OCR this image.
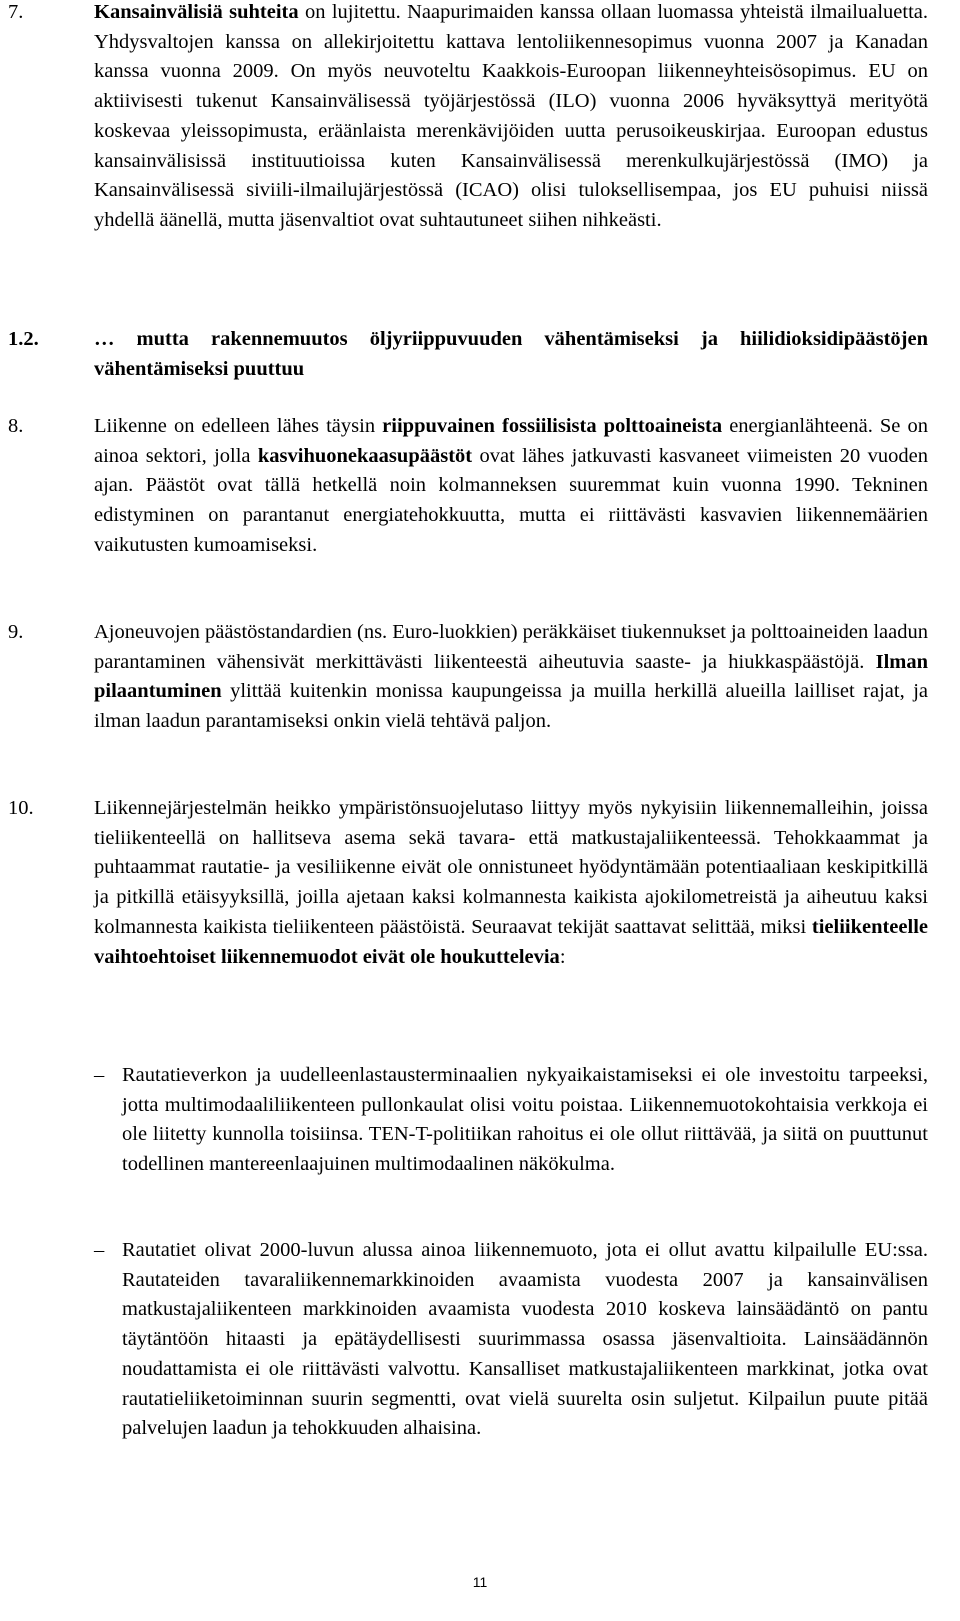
7.	Kansainvälisiä suhteita on lujitettu. Naapurimaiden kanssa ollaan luomassa yhteistä ilmailualuetta. Yhdysvaltojen kanssa on allekirjoitettu kattava lentoliikennesopimus vuonna 2007 ja Kanadan kanssa vuonna 2009. On myös neuvoteltu Kaakkois-Euroopan liikenneyhteisösopimus. EU on aktiivisesti tukenut Kansainvälisessä työjärjestössä (ILO) vuonna 2006 hyväksyttyä merityötä koskevaa yleissopimusta, eräänlaista merenkävijöiden uutta perusoikeuskirjaa. Euroopan edustus kansainvälisissä instituutioissa kuten Kansainvälisessä merenkulkujärjestössä (IMO) ja Kansainvälisessä siviili-ilmailujärjestössä (ICAO) olisi tuloksellisempaa, jos EU puhuisi niissä yhdellä äänellä, mutta jäsenvaltiot ovat suhtautuneet siihen nihkeästi.
1.2.	… mutta rakennemuutos öljyriippuvuuden vähentämiseksi ja hiilidioksidipäästöjen vähentämiseksi puuttuu
8.	Liikenne on edelleen lähes täysin riippuvainen fossiilisista polttoaineista energianlähteenä. Se on ainoa sektori, jolla kasvihuonekaasupäästöt ovat lähes jatkuvasti kasvaneet viimeisten 20 vuoden ajan. Päästöt ovat tällä hetkellä noin kolmanneksen suuremmat kuin vuonna 1990. Tekninen edistyminen on parantanut energiatehokkuutta, mutta ei riittävästi kasvavien liikennemäärien vaikutusten kumoamiseksi.
9.	Ajoneuvojen päästöstandardien (ns. Euro-luokkien) peräkkäiset tiukennukset ja polttoaineiden laadun parantaminen vähensivät merkittävästi liikenteestä aiheutuvia saaste- ja hiukkaspäästöjä. Ilman pilaantuminen ylittää kuitenkin monissa kaupungeissa ja muilla herkillä alueilla lailliset rajat, ja ilman laadun parantamiseksi onkin vielä tehtävä paljon.
10.	Liikennejärjestelmän heikko ympäristönsuojelutaso liittyy myös nykyisiin liikennemalleihin, joissa tieliikenteellä on hallitseva asema sekä tavara- että matkustajaliikenteessä. Tehokkaammat ja puhtaammat rautatie- ja vesiliikenne eivät ole onnistuneet hyödyntämään potentiaaliaan keskipitkillä ja pitkillä etäisyyksillä, joilla ajetaan kaksi kolmannesta kaikista ajokilometreistä ja aiheutuu kaksi kolmannesta kaikista tieliikenteen päästöistä. Seuraavat tekijät saattavat selittää, miksi tieliikenteelle vaihtoehtoiset liikennemuodot eivät ole houkuttelevia:
– Rautatieverkon ja uudelleenlastausterminaalien nykyaikaistamiseksi ei ole investoitu tarpeeksi, jotta multimodaaliliikenteen pullonkaulat olisi voitu poistaa. Liikennemuotokohtaisia verkkoja ei ole liitetty kunnolla toisiinsa. TEN-T-politiikan rahoitus ei ole ollut riittävää, ja siitä on puuttunut todellinen mantereenlaajuinen multimodaalinen näkökulma.
– Rautatiet olivat 2000-luvun alussa ainoa liikennemuoto, jota ei ollut avattu kilpailulle EU:ssa. Rautateiden tavaraliikennemarkkinoiden avaamista vuodesta 2007 ja kansainvälisen matkustajaliikenteen markkinoiden avaamista vuodesta 2010 koskeva lainsäädäntö on pantu täytäntöön hitaasti ja epätäydellisesti suurimmassa osassa jäsenvaltioita. Lainsäädännön noudattamista ei ole riittävästi valvottu. Kansalliset matkustajaliikenteen markkinat, jotka ovat rautatieliiketoiminnan suurin segmentti, ovat vielä suurelta osin suljetut. Kilpailun puute pitää palvelujen laadun ja tehokkuuden alhaisina.
11
